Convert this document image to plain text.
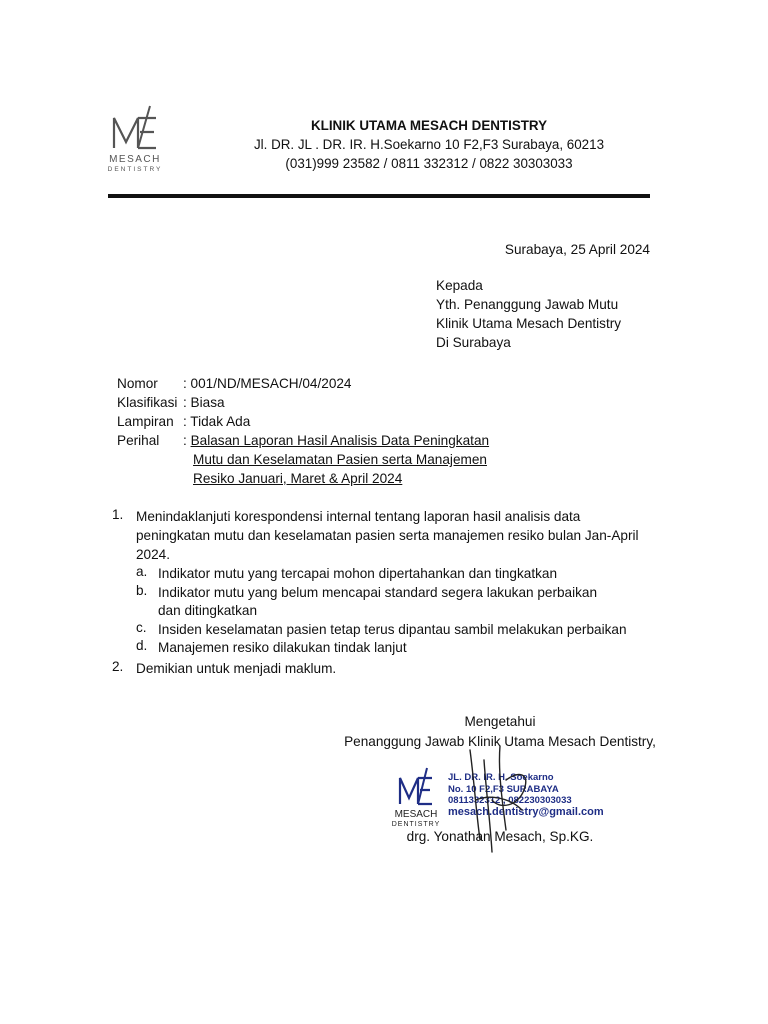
MESACH
DENTISTRY
KLINIK UTAMA MESACH DENTISTRY
Jl. DR. JL . DR. IR. H.Soekarno 10 F2,F3 Surabaya, 60213
(031)999 23582 / 0811 332312 / 0822 30303033
Surabaya, 25 April 2024
Kepada
Yth. Penanggung Jawab Mutu
Klinik Utama Mesach Dentistry
Di Surabaya
Nomor : 001/ND/MESACH/04/2024
Klasifikasi : Biasa
Lampiran : Tidak Ada
Perihal : Balasan Laporan Hasil Analisis Data Peningkatan
Mutu dan Keselamatan Pasien serta Manajemen
Resiko Januari, Maret & April 2024
1. Menindaklanjuti korespondensi internal tentang laporan hasil analisis data
peningkatan mutu dan keselamatan pasien serta manajemen resiko bulan Jan-April
2024.
a. Indikator mutu yang tercapai mohon dipertahankan dan tingkatkan
b. Indikator mutu yang belum mencapai standard segera lakukan perbaikan
dan ditingkatkan
c. Insiden keselamatan pasien tetap terus dipantau sambil melakukan perbaikan
d. Manajemen resiko dilakukan tindak lanjut
2. Demikian untuk menjadi maklum.
Mengetahui
Penanggung Jawab Klinik Utama Mesach Dentistry,
MESACH
DENTISTRY
JL. DR. IR. H. Soekarno
No. 10 F2,F3 SURABAYA
0811332312 , 082230303033
mesach.dentistry@gmail.com
drg. Yonathan Mesach, Sp.KG.
